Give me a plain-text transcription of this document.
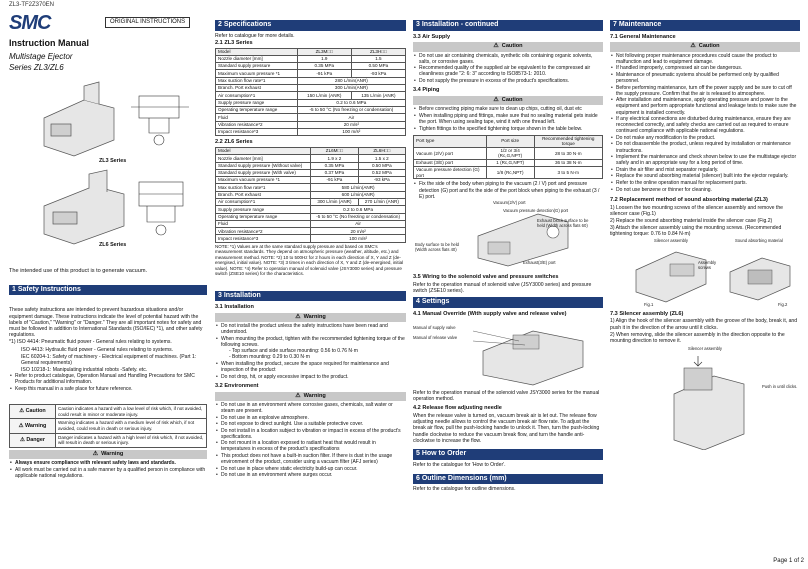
ZL3-TF2Z370EN
SMC	ORIGINAL INSTRUCTIONS
Instruction Manual
Multistage Ejector
Series ZL3/ZL6
ZL3 Series
ZL6 Series
The intended use of this product is to generate vacuum.
1 Safety Instructions
These safety instructions are intended to prevent hazardous situations and/or equipment damage. These instructions indicate the level of potential hazard with the labels of "Caution," "Warning" or "Danger." They are all important notes for safety and must be followed in addition to International Standards (ISO/IEC) *1), and other safety regulations.
*1) ISO 4414: Pneumatic fluid power - General rules relating to systems.
ISO 4413: Hydraulic fluid power - General rules relating to systems.
IEC 60204-1: Safety of machinery - Electrical equipment of machines. (Part 1: General requirements)
ISO 10218-1: Manipulating industrial robots -Safety. etc.
• Refer to product catalogue, Operation Manual and Handling Precautions for SMC Products for additional information.
• Keep this manual in a safe place for future reference.
⚠ Caution	Caution indicates a hazard with a low level of risk which, if not avoided, could result in minor or moderate injury.
⚠ Warning	Warning indicates a hazard with a medium level of risk which, if not avoided, could result in death or serious injury.
⚠ Danger	Danger indicates a hazard with a high level of risk which, if not avoided, will result in death or serious injury.
⚠ Warning
• Always ensure compliance with relevant safety laws and standards.
• All work must be carried out in a safe manner by a qualified person in compliance with applicable national regulations.
2 Specifications
Refer to catalogue for more details.
2.1 ZL3 Series
Model	ZL3M□□	ZL3H□□
Nozzle diameter [mm]	1.9	1.5
Standard supply pressure	0.35 MPa	0.50 MPa
Maximum vacuum pressure *1	-91 kPa	-93 kPa
Max suction flow rate*1	280 L/min(ANR)	
Branch. Port exhaust	300 L/min(ANR)	
Air consumption*1	150 L/min (ANR)	135 L/min (ANR)
Supply pressure range	0.2 to 0.6 MPa	
Operating temperature range	-5 to 50 °C (No freezing or condensation)	
Fluid	Air	
Vibration resistance*2	20 m/s²	
Impact resistance*3	100 m/s²	
2.2 ZL6 Series
Model	ZL6M□□	ZL6H□□
Nozzle diameter [mm]	1.9 x 2	1.5 x 2
Standard supply pressure (Without valve)	0.35 MPa	0.50 MPa
Standard supply pressure (With valve)	0.37 MPa	0.52 MPa
Maximum vacuum pressure *1	-91 kPa	-93 kPa
Max suction flow rate*1	580 L/min(ANR)	
Branch. Port exhaust	600 L/min(ANR)	
Air consumption*1	300 L/min (ANR)	270 L/min (ANR)
Supply pressure range	0.2 to 0.6 MPa	
Operating temperature range	-5 to 50 °C (No freezing or condensation)	
Fluid	Air	
Vibration resistance*2	20 m/s²	
Impact resistance*3	100 m/s²	
NOTE: *1) Values are at the same standard supply pressure and based on SMC's measurement standards. They depend on atmospheric pressure (weather, altitude, etc.) and measurement method. NOTE: *2) 10 to 500Hz for 2 hours in each direction of X, Y and Z (de-energised, initial value). NOTE: *3) 3 times in each direction of X, Y and Z (de-energised, initial value). NOTE: *4) Refer to operation manual of solenoid valve (JSY3000 series) and pressure switch (ZSE10 series) for the characteristics.
3 Installation
3.1 Installation
⚠ Warning
• Do not install the product unless the safety instructions have been read and understood.
• When mounting the product, tighten with the recommended tightening torque of the following screws.
- Top surface and side surface mounting: 0.56 to 0.76 N·m
- Bottom mounting: 0.29 to 0.30 N·m
• When installing the product, secure the space required for maintenance and inspection of the product
• Do not drop, hit, or apply excessive impact to the product.
3.2 Environment
⚠ Warning
• Do not use in an environment where corrosive gases, chemicals, salt water or steam are present.
• Do not use in an explosive atmosphere.
• Do not expose to direct sunlight. Use a suitable protective cover.
• Do not install in a location subject to vibration or impact in excess of the product's specifications.
• Do not mount in a location exposed to radiant heat that would result in temperatures in excess of the product's specifications
• This product does not have a built-in suction filter. If there is dust in the usage environment of the product, consider using a vacuum filter (AFJ series)
• Do not use in place where static electricity build-up can occur.
• Do not use in an environment where surges occur.
3 Installation - continued
3.3 Air Supply
⚠ Caution
• Do not use air containing chemicals, synthetic oils containing organic solvents, salts, or corrosive gases.
• Recommended quality of the supplied air be equivalent to the compressed air cleanliness grade "2: 6: 3" according to ISO8573-1: 2010.
• Do not supply the pressure in excess of the product's specifications.
3.4 Piping
⚠ Caution
• Before connecting piping make sure to clean up chips, cutting oil, dust etc
• When installing piping and fittings, make sure that no sealing material gets inside the port. When using sealing tape, wind it with one thread left.
• Tighten fittings to the specified tightening torque shown in the table below.
Port type	Port size	Recommended tightening torque
Vacuum (2/V) port	1/2 or 3/4 (Rc,G,NPT)	28 to 30 N·m
Exhaust (3/E) port	1 (Rc,G,NPT)	36 to 38 N·m
Vacuum pressure detection (G) port	1/8 (Rc,NPT)	3 to 5 N·m
• Fix the side of the body when piping to the vacuum (2 / V) port and pressure detection (G) port and fix the side of the port block when piping to the exhaust (3 / E) port.
Vacuum(2/V) port
Vacuum pressure detection(G) port
Exhaust block surface to be held (Width across flats 60)
Body surface to be held (Width across flats 40)
Exhaust(3/E) port
3.5 Wiring to the solenoid valve and pressure switches
Refer to the operation manual of solenoid valve (JSY3000 series) and pressure switch (ZSE10 series).
4 Settings
4.1 Manual Override (With supply valve and release valve)
Manual of supply valve
Manual of release valve
Refer to the operation manual of the solenoid valve JSY3000 series for the manual operation method.
4.2 Release flow adjusting needle
When the release valve is turned on, vacuum break air is let out. The release flow adjusting needle allows to control the vacuum break air flow rate. To adjust the break air flow, pull the push-locking handle to unlock it. Then, turn the push-locking handle clockwise to reduce the vacuum break flow, and turn the handle anti-clockwise to increase the flow.
5 How to Order
Refer to the catalogue for 'How to Order'.
6 Outline Dimensions (mm)
Refer to the catalogue for outline dimensions.
7 Maintenance
7.1 General Maintenance
⚠ Caution
• Not following proper maintenance procedures could cause the product to malfunction and lead to equipment damage.
• If handled improperly, compressed air can be dangerous.
• Maintenance of pneumatic systems should be performed only by qualified personnel.
• Before performing maintenance, turn off the power supply and be sure to cut off the supply pressure. Confirm that the air is released to atmosphere.
• After installation and maintenance, apply operating pressure and power to the equipment and perform appropriate functional and leakage tests to make sure the equipment is installed correctly.
• If any electrical connections are disturbed during maintenance, ensure they are reconnected correctly, and safety checks are carried out as required to ensure continued compliance with applicable national regulations.
• Do not make any modification to the product.
• Do not disassemble the product, unless required by installation or maintenance instructions.
• Implement the maintenance and check shown below to use the multistage ejector safely and in an appropriate way for a long period of time.
• Drain the air filter and mist separator regularly.
• Replace the sound absorbing material (silencer) built into the ejector regularly.
• Refer to the online operation manual for replacement parts.
• Do not use benzene or thinner for cleaning.
7.2 Replacement method of sound absorbing material (ZL3)
1) Loosen the two mounting screws of the silencer assembly and remove the silencer case (Fig.1)
2) Replace the sound absorbing material inside the silencer case (Fig.2)
3) Attach the silencer assembly using the mounting screws. (Recommended tightening torque: 0.76 to 0.84 N·m)
Silencer assembly	Sound absorbing material
Assembly screws
Fig.1	Fig.2
7.3 Silencer assembly (ZL6)
1) Align the hook of the silencer assembly with the groove of the body, break it, and push it in the direction of the arrow until it clicks.
2) When removing, slide the silencer assembly in the direction opposite to the mounting direction to remove it.
Silencer assembly
Push in until clicks.
Page 1 of 2
